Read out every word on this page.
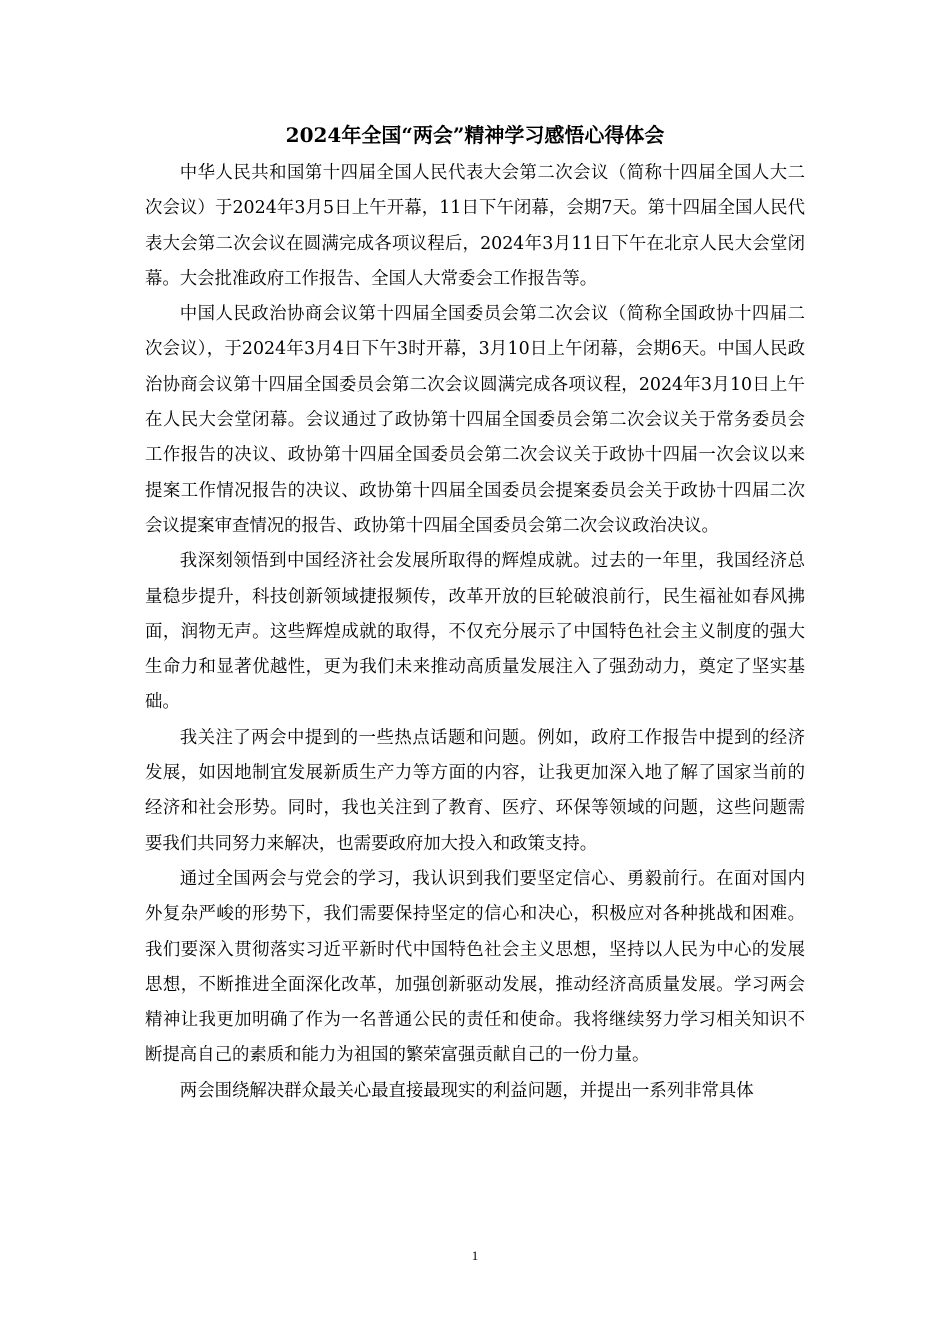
2024年全国“两会”精神学习感悟心得体会

中华人民共和国第十四届全国人民代表大会第二次会议（简称十四届全国人大二次会议）于2024年3月5日上午开幕，11日下午闭幕，会期7天。第十四届全国人民代表大会第二次会议在圆满完成各项议程后，2024年3月11日下午在北京人民大会堂闭幕。大会批准政府工作报告、全国人大常委会工作报告等。

中国人民政治协商会议第十四届全国委员会第二次会议（简称全国政协十四届二次会议），于2024年3月4日下午3时开幕，3月10日上午闭幕，会期6天。中国人民政治协商会议第十四届全国委员会第二次会议圆满完成各项议程，2024年3月10日上午在人民大会堂闭幕。会议通过了政协第十四届全国委员会第二次会议关于常务委员会工作报告的决议、政协第十四届全国委员会第二次会议关于政协十四届一次会议以来提案工作情况报告的决议、政协第十四届全国委员会提案委员会关于政协十四届二次会议提案审查情况的报告、政协第十四届全国委员会第二次会议政治决议。

我深刻领悟到中国经济社会发展所取得的辉煌成就。过去的一年里，我国经济总量稳步提升，科技创新领域捷报频传，改革开放的巨轮破浪前行，民生福祉如春风拂面，润物无声。这些辉煌成就的取得，不仅充分展示了中国特色社会主义制度的强大生命力和显著优越性，更为我们未来推动高质量发展注入了强劲动力，奠定了坚实基础。

我关注了两会中提到的一些热点话题和问题。例如，政府工作报告中提到的经济发展，如因地制宜发展新质生产力等方面的内容，让我更加深入地了解了国家当前的经济和社会形势。同时，我也关注到了教育、医疗、环保等领域的问题，这些问题需要我们共同努力来解决，也需要政府加大投入和政策支持。

通过全国两会与党会的学习，我认识到我们要坚定信心、勇毅前行。在面对国内外复杂严峻的形势下，我们需要保持坚定的信心和决心，积极应对各种挑战和困难。我们要深入贯彻落实习近平新时代中国特色社会主义思想，坚持以人民为中心的发展思想，不断推进全面深化改革，加强创新驱动发展，推动经济高质量发展。学习两会精神让我更加明确了作为一名普通公民的责任和使命。我将继续努力学习相关知识不断提高自己的素质和能力为祖国的繁荣富强贡献自己的一份力量。

两会围绕解决群众最关心最直接最现实的利益问题，并提出一系列非常具体

1
